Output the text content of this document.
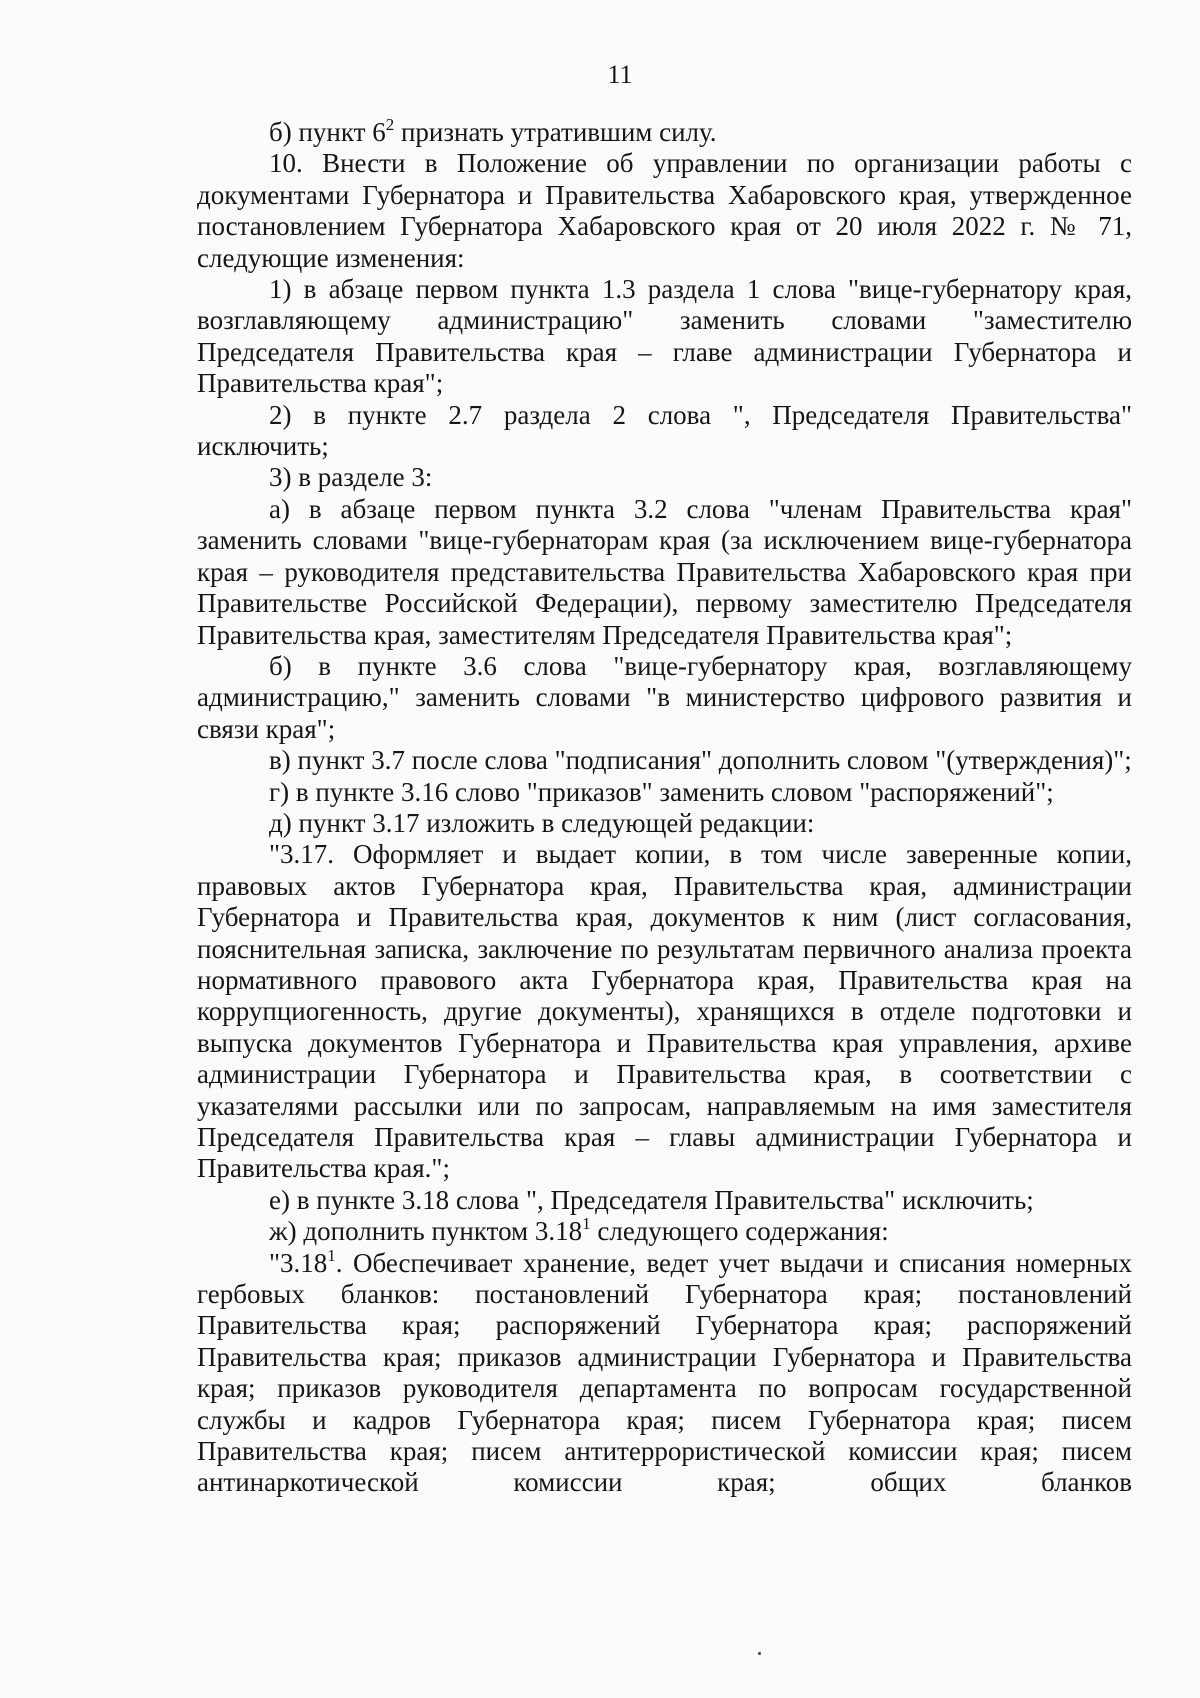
11

б) пункт $6^2$ признать утратившим силу.

10. Внести в Положение об управлении по организации работы с документами Губернатора и Правительства Хабаровского края, утвержденное постановлением Губернатора Хабаровского края от 20 июля 2022 г. № 71, следующие изменения:

1) в абзаце первом пункта 1.3 раздела 1 слова "вице-губернатору края, возглавляющему администрацию" заменить словами "заместителю Председателя Правительства края – главе администрации Губернатора и Правительства края";

2) в пункте 2.7 раздела 2 слова ", Председателя Правительства" исключить;

3) в разделе 3:

а) в абзаце первом пункта 3.2 слова "членам Правительства края" заменить словами "вице-губернаторам края (за исключением вице-губернатора края – руководителя представительства Правительства Хабаровского края при Правительстве Российской Федерации), первому заместителю Председателя Правительства края, заместителям Председателя Правительства края";

б) в пункте 3.6 слова "вице-губернатору края, возглавляющему администрацию," заменить словами "в министерство цифрового развития и связи края";

в) пункт 3.7 после слова "подписания" дополнить словом "(утверждения)";

г) в пункте 3.16 слово "приказов" заменить словом "распоряжений";

д) пункт 3.17 изложить в следующей редакции:

"3.17. Оформляет и выдает копии, в том числе заверенные копии, правовых актов Губернатора края, Правительства края, администрации Губернатора и Правительства края, документов к ним (лист согласования, пояснительная записка, заключение по результатам первичного анализа проекта нормативного правового акта Губернатора края, Правительства края на коррупциогенность, другие документы), хранящихся в отделе подготовки и выпуска документов Губернатора и Правительства края управления, архиве администрации Губернатора и Правительства края, в соответствии с указателями рассылки или по запросам, направляемым на имя заместителя Председателя Правительства края – главы администрации Губернатора и Правительства края.";

е) в пункте 3.18 слова ", Председателя Правительства" исключить;

ж) дополнить пунктом 3.18$^1$ следующего содержания:

"3.18$^1$. Обеспечивает хранение, ведет учет выдачи и списания номерных гербовых бланков: постановлений Губернатора края; постановлений Правительства края; распоряжений Губернатора края; распоряжений Правительства края; приказов администрации Губернатора и Правительства края; приказов руководителя департамента по вопросам государственной службы и кадров Губернатора края; писем Губернатора края; писем Правительства края; писем антитеррористической комиссии края; писем антинаркотической комиссии края; общих бланков
